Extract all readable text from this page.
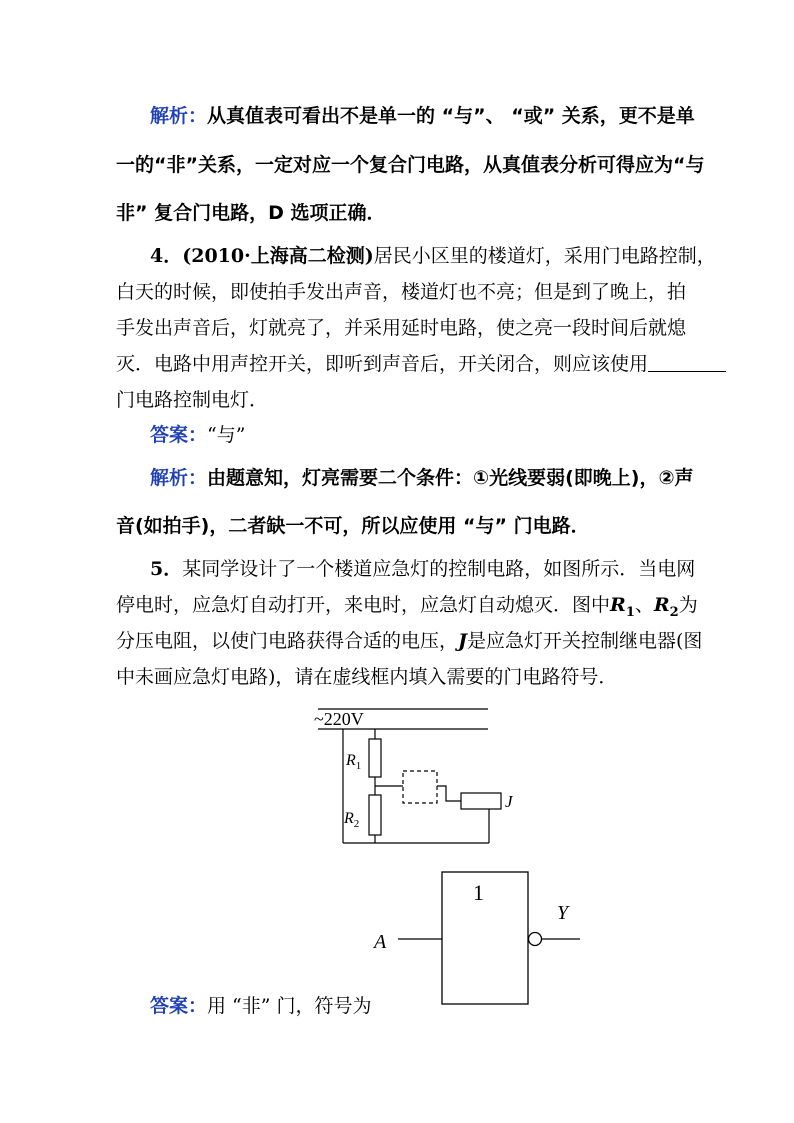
解析：从真值表可看出不是单一的 “与”、 “或” 关系，更不是单
一的“非”关系，一定对应一个复合门电路，从真值表分析可得应为“与
非” 复合门电路，D 选项正确．
4．(2010·上海高二检测)居民小区里的楼道灯，采用门电路控制，
白天的时候，即使拍手发出声音，楼道灯也不亮；但是到了晚上，拍
手发出声音后，灯就亮了，并采用延时电路，使之亮一段时间后就熄
灭．电路中用声控开关，即听到声音后，开关闭合，则应该使用
门电路控制电灯．
答案：“与”
解析：由题意知，灯亮需要二个条件：①光线要弱(即晚上)，②声
音(如拍手)，二者缺一不可，所以应使用 “与” 门电路．
5．某同学设计了一个楼道应急灯的控制电路，如图所示．当电网
停电时，应急灯自动打开，来电时，应急灯自动熄灭．图中$R_1$、$R_2$为
分压电阻，以使门电路获得合适的电压，J是应急灯开关控制继电器(图
中未画应急灯电路)，请在虚线框内填入需要的门电路符号．
~220V
$R_1$
$R_2$
J
1
A
Y
答案：用 “非” 门，符号为
